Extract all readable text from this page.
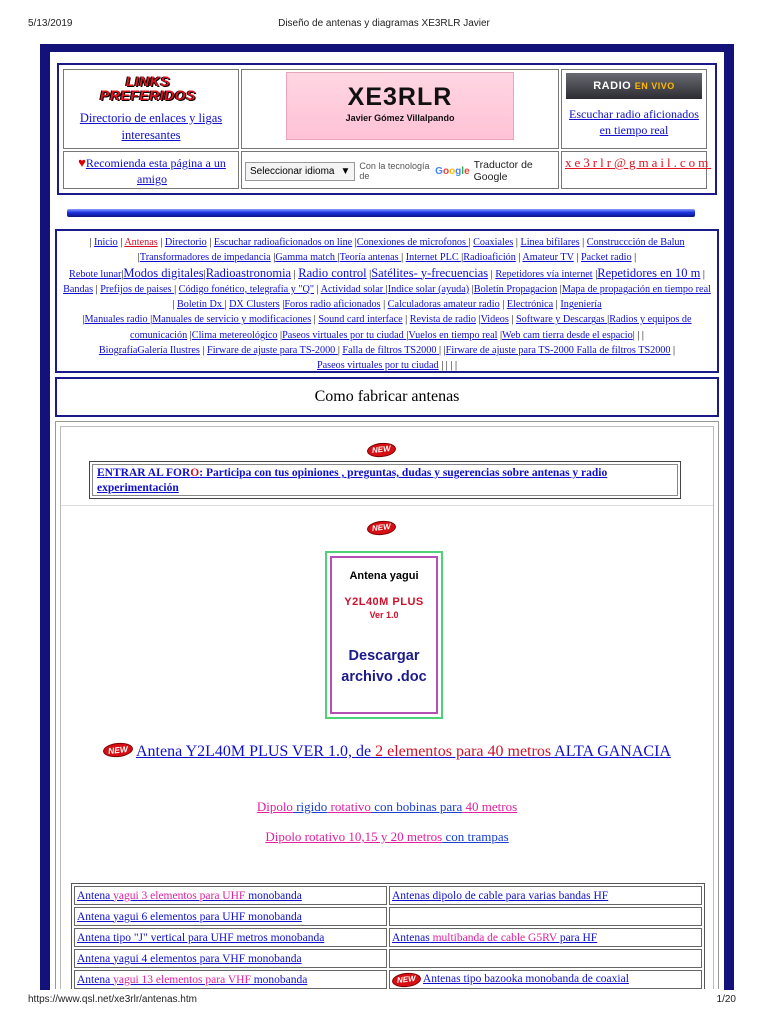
5/13/2019	Diseño de antenas y diagramas XE3RLR Javier
LINKS PREFERIDOS
Directorio de enlaces y ligas interesantes
XE3RLR
Javier Gómez Villalpando
RADIO EN VIVO
Escuchar radio aficionados en tiempo real
♥Recomienda esta página a un amigo
Seleccionar idioma ▼ Con la tecnología de	Google Traductor de Google
xe3rlr@gmail.com
| Inicio | Antenas | Directorio | Escuchar radioaficionados on line |Conexiones de microfonos | Coaxiales | Linea bifilares | Construccción de Balun |Transformadores de impedancia |Gamma match |Teoría antenas | Internet PLC |Radioafición | Amateur TV | Packet radio |
Rebote lunar|Modos digitales|Radioastronomia | Radio control |Satélites- y-frecuencias | Repetidores vía internet |Repetidores en 10 m | Bandas | Prefijos de paises | Código fonético, telegrafía y "Q" | Actividad solar |Indice solar (ayuda) |Boletín Propagacion |Mapa de propagación en tiempo real | Boletín Dx | DX Clusters |Foros radio aficionados | Calculadoras amateur radio | Electrónica | Ingeniería
|Manuales radio |Manuales de servicio y modificaciones | Sound card interface | Revista de radio |Videos | Software y Descargas |Radios y equipos de comunicación |Clima metereológico |Paseos virtuales por tu ciudad |Vuelos en tiempo real |Web cam tierra desde el espacio| | |
BiografíaGalería Ilustres | Firware de ajuste para TS-2000 | Falla de filtros TS2000 | |Firware de ajuste para TS-2000 Falla de filtros TS2000 |
Paseos virtuales por tu ciudad | | | |
Como fabricar antenas
NEW
ENTRAR AL FORO: Participa con tus opiniones , preguntas, dudas y sugerencias sobre antenas y radio experimentación
NEW
Antena yagui
Y2L40M PLUS
Ver 1.0
Descargar archivo .doc
NEW Antena Y2L40M PLUS VER 1.0, de 2 elementos para 40 metros ALTA GANACIA
Dipolo rigido rotativo con bobinas para 40 metros
Dipolo rotativo 10,15 y 20 metros con trampas
Antena yagui 3 elementos para UHF monobanda	Antenas dipolo de cable para varias bandas HF
Antena yagui 6 elementos para UHF monobanda	
Antena tipo "J" vertical para UHF metros monobanda	Antenas multibanda de cable G5RV para HF
Antena yagui 4 elementos para VHF monobanda	
Antena yagui 13 elementos para VHF monobanda	NEW Antenas tipo bazooka monobanda de coaxial
https://www.qsl.net/xe3rlr/antenas.htm	1/20
